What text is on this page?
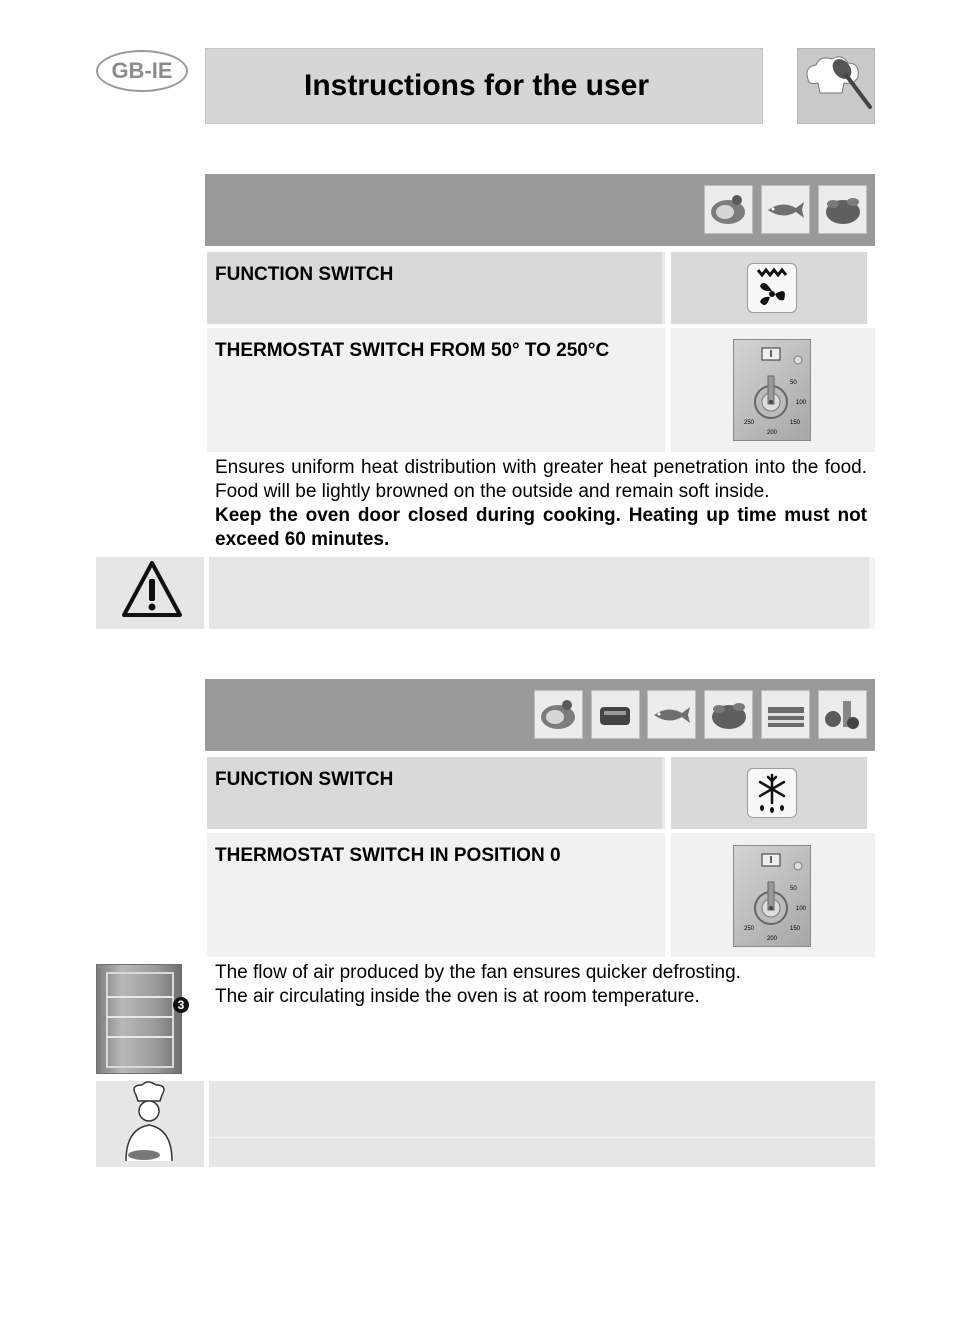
GB-IE	Instructions for the user
FUNCTION SWITCH
THERMOSTAT SWITCH FROM 50° TO 250°C
50
100
150
200
250
Ensures uniform heat distribution with greater heat penetration into the food. Food will be lightly browned on the outside and remain soft inside.
Keep the oven door closed during cooking. Heating up time must not exceed 60 minutes.
FUNCTION SWITCH
THERMOSTAT SWITCH IN POSITION 0
50
100
150
200
250
3
The flow of air produced by the fan ensures quicker defrosting.
The air circulating inside the oven is at room temperature.
